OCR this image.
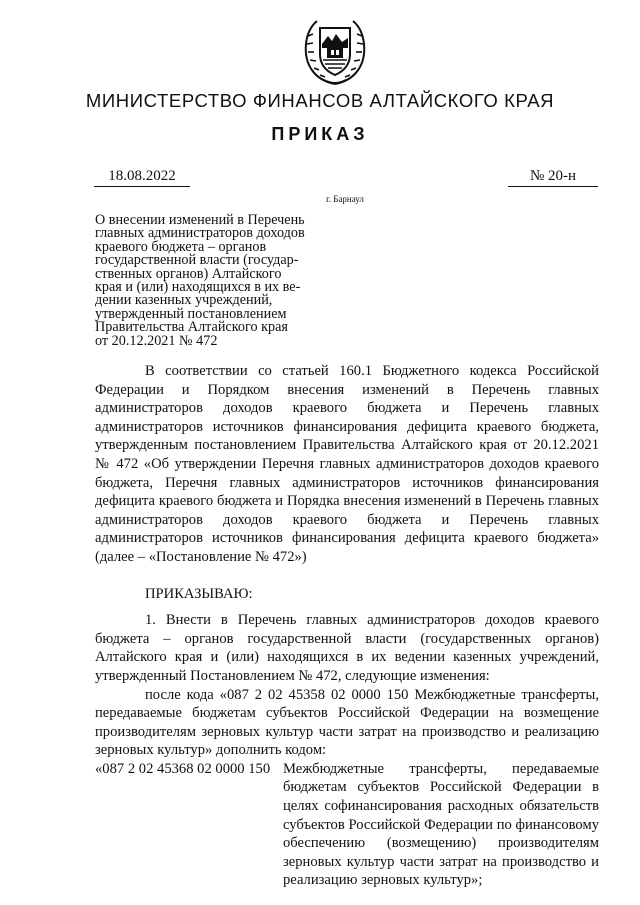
МИНИСТЕРСТВО ФИНАНСОВ АЛТАЙСКОГО КРАЯ
ПРИКАЗ
18.08.2022	№ 20-н
г. Барнаул
О внесении изменений в Перечень
главных администраторов доходов
краевого бюджета – органов
государственной власти (государ-
ственных органов) Алтайского
края и (или) находящихся в их ве-
дении казенных учреждений,
утвержденный постановлением
Правительства Алтайского края
от 20.12.2021 № 472

В соответствии со статьей 160.1 Бюджетного кодекса Российской Федерации и Порядком внесения изменений в Перечень главных администраторов доходов краевого бюджета и Перечень главных администраторов источников финансирования дефицита краевого бюджета, утвержденным постановлением Правительства Алтайского края от 20.12.2021 № 472 «Об утверждении Перечня главных администраторов доходов краевого бюджета, Перечня главных администраторов источников финансирования дефицита краевого бюджета и Порядка внесения изменений в Перечень главных администраторов доходов краевого бюджета и Перечень главных администраторов источников финансирования дефицита краевого бюджета» (далее – «Постановление № 472»)

ПРИКАЗЫВАЮ:

1. Внести в Перечень главных администраторов доходов краевого бюджета – органов государственной власти (государственных органов) Алтайского края и (или) находящихся в их ведении казенных учреждений, утвержденный Постановлением № 472, следующие изменения:

после кода «087 2 02 45358 02 0000 150 Межбюджетные трансферты, передаваемые бюджетам субъектов Российской Федерации на возмещение производителям зерновых культур части затрат на производство и реализацию зерновых культур» дополнить кодом:

«087 2 02 45368 02 0000 150 Межбюджетные трансферты, передаваемые бюджетам субъектов Российской Федерации в целях софинансирования расходных обязательств субъектов Российской Федерации по финансовому обеспечению (возмещению) производителям зерновых культур части затрат на производство и реализацию зерновых культур»;
